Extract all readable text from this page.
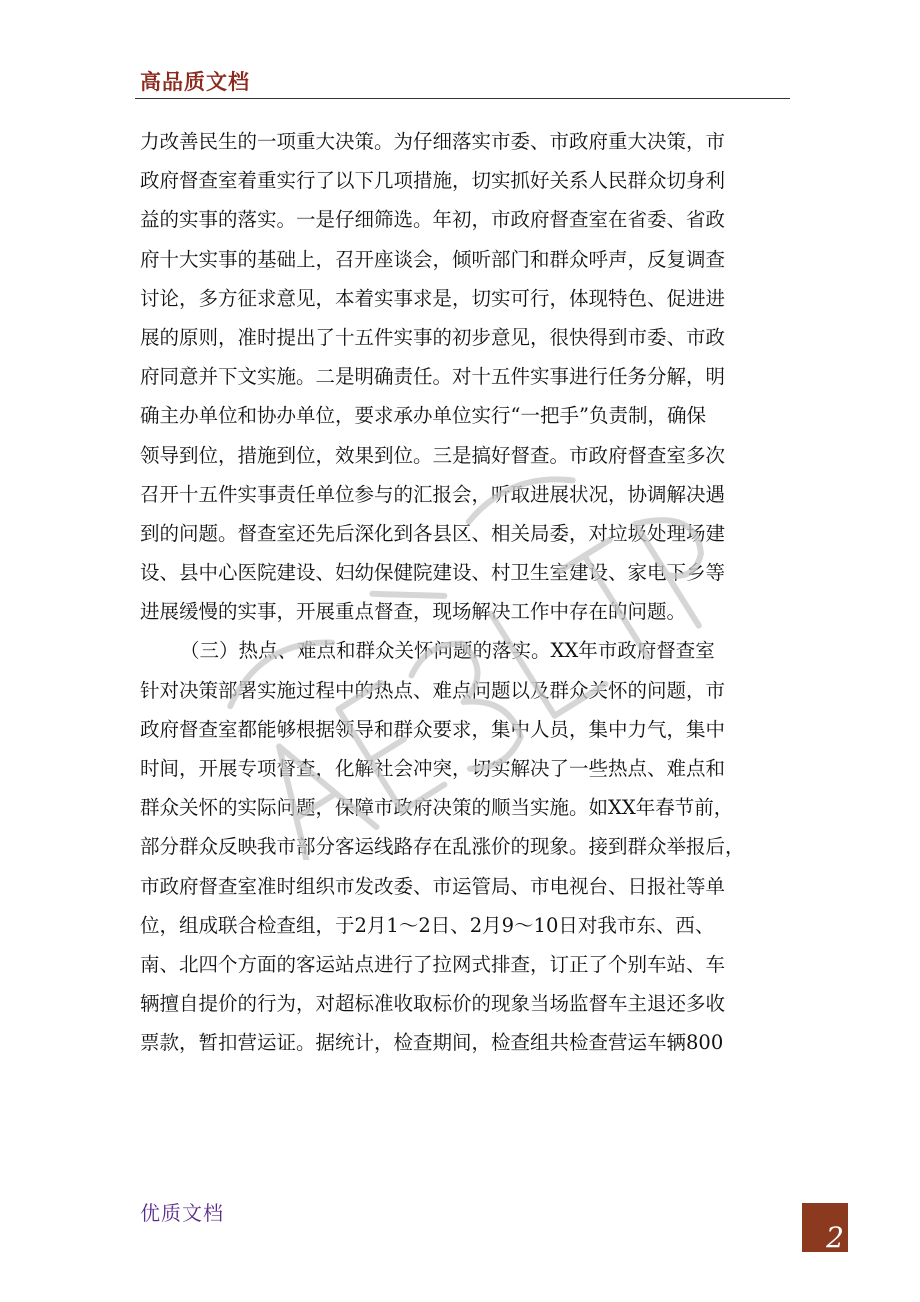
高品质文档
力改善民生的一项重大决策。为仔细落实市委、市政府重大决策，市
政府督查室着重实行了以下几项措施，切实抓好关系人民群众切身利
益的实事的落实。一是仔细筛选。年初，市政府督查室在省委、省政
府十大实事的基础上，召开座谈会，倾听部门和群众呼声，反复调查
讨论，多方征求意见，本着实事求是，切实可行，体现特色、促进进
展的原则，准时提出了十五件实事的初步意见，很快得到市委、市政
府同意并下文实施。二是明确责任。对十五件实事进行任务分解，明
确主办单位和协办单位，要求承办单位实行“一把手”负责制，确保
领导到位，措施到位，效果到位。三是搞好督查。市政府督查室多次
召开十五件实事责任单位参与的汇报会，听取进展状况，协调解决遇
到的问题。督查室还先后深化到各县区、相关局委，对垃圾处理场建
设、县中心医院建设、妇幼保健院建设、村卫生室建设、家电下乡等
进展缓慢的实事，开展重点督查，现场解决工作中存在的问题。
（三）热点、难点和群众关怀问题的落实。XX年市政府督查室
针对决策部署实施过程中的热点、难点问题以及群众关怀的问题，市
政府督查室都能够根据领导和群众要求，集中人员，集中力气，集中
时间，开展专项督查，化解社会冲突，切实解决了一些热点、难点和
群众关怀的实际问题，保障市政府决策的顺当实施。如XX年春节前，
部分群众反映我市部分客运线路存在乱涨价的现象。接到群众举报后，
市政府督查室准时组织市发改委、市运管局、市电视台、日报社等单
位，组成联合检查组，于2月1～2日、2月9～10日对我市东、西、
南、北四个方面的客运站点进行了拉网式排查，订正了个别车站、车
辆擅自提价的行为，对超标准收取标价的现象当场监督车主退还多收
票款，暂扣营运证。据统计，检查期间，检查组共检查营运车辆800
优质文档
2
